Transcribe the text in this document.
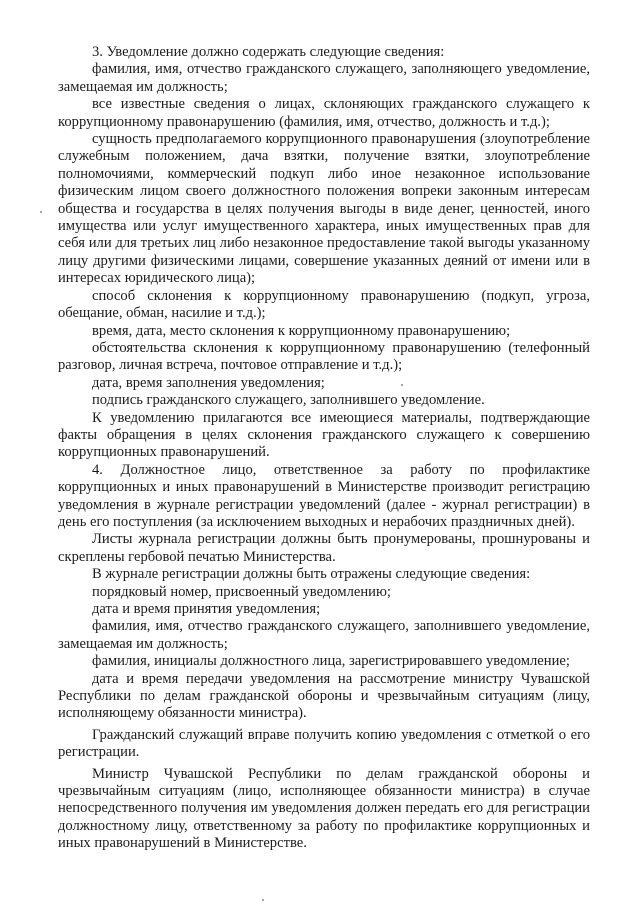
3. Уведомление должно содержать следующие сведения:

фамилия, имя, отчество гражданского служащего, заполняющего уведомление, замещаемая им должность;

все известные сведения о лицах, склоняющих гражданского служащего к коррупционному правонарушению (фамилия, имя, отчество, должность и т.д.);

сущность предполагаемого коррупционного правонарушения (злоупотребление служебным положением, дача взятки, получение взятки, злоупотребление полномочиями, коммерческий подкуп либо иное незаконное использование физическим лицом своего должностного положения вопреки законным интересам общества и государства в целях получения выгоды в виде денег, ценностей, иного имущества или услуг имущественного характера, иных имущественных прав для себя или для третьих лиц либо незаконное предоставление такой выгоды указанному лицу другими физическими лицами, совершение указанных деяний от имени или в интересах юридического лица);

способ склонения к коррупционному правонарушению (подкуп, угроза, обещание, обман, насилие и т.д.);

время, дата, место склонения к коррупционному правонарушению;

обстоятельства склонения к коррупционному правонарушению (телефонный разговор, личная встреча, почтовое отправление и т.д.);

дата, время заполнения уведомления;

подпись гражданского служащего, заполнившего уведомление.

К уведомлению прилагаются все имеющиеся материалы, подтверждающие факты обращения в целях склонения гражданского служащего к совершению коррупционных правонарушений.

4. Должностное лицо, ответственное за работу по профилактике коррупционных и иных правонарушений в Министерстве производит регистрацию уведомления в журнале регистрации уведомлений (далее - журнал регистрации) в день его поступления (за исключением выходных и нерабочих праздничных дней).

Листы журнала регистрации должны быть пронумерованы, прошнурованы и скреплены гербовой печатью Министерства.

В журнале регистрации должны быть отражены следующие сведения:

порядковый номер, присвоенный уведомлению;

дата и время принятия уведомления;

фамилия, имя, отчество гражданского служащего, заполнившего уведомление, замещаемая им должность;

фамилия, инициалы должностного лица, зарегистрировавшего уведомление;

дата и время передачи уведомления на рассмотрение министру Чувашской Республики по делам гражданской обороны и чрезвычайным ситуациям (лицу, исполняющему обязанности министра).

Гражданский служащий вправе получить копию уведомления с отметкой о его регистрации.

Министр Чувашской Республики по делам гражданской обороны и чрезвычайным ситуациям (лицо, исполняющее обязанности министра) в случае непосредственного получения им уведомления должен передать его для регистрации должностному лицу, ответственному за работу по профилактике коррупционных и иных правонарушений в Министерстве.
